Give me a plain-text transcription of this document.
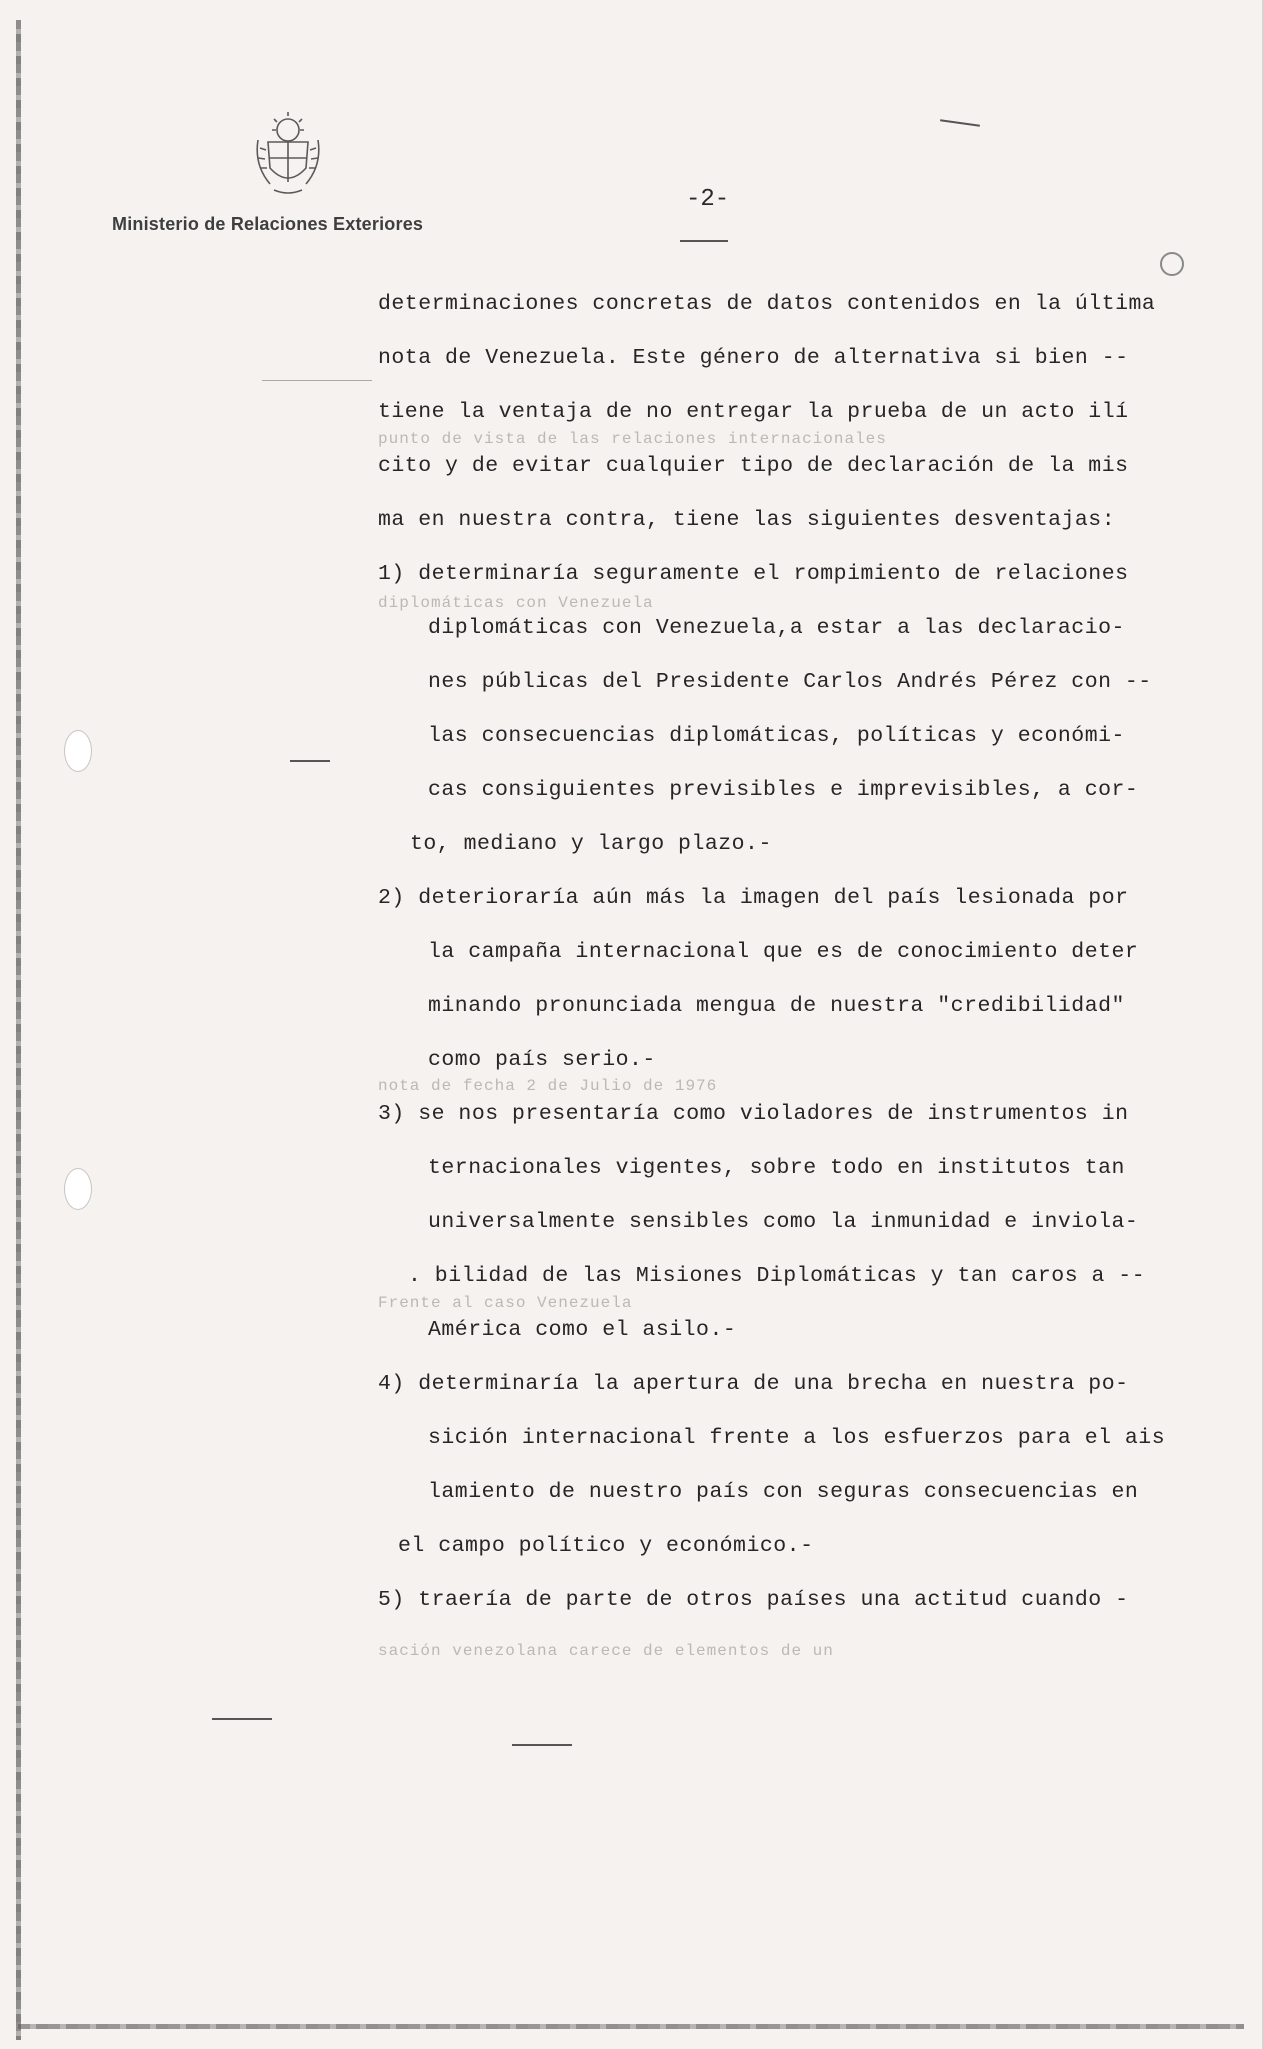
Ministerio de Relaciones Exteriores
-2-
punto de vista de las relaciones internacionales
diplomáticas con Venezuela
nota de fecha 2 de Julio de 1976
Frente al caso Venezuela
sación venezolana carece de elementos de un
determinaciones concretas de datos contenidos en la última
nota de Venezuela. Este género de alternativa si bien --
tiene la ventaja de no entregar la prueba de un acto ilí
cito y de evitar cualquier tipo de declaración de la mis
ma en nuestra contra, tiene las siguientes desventajas:
1) determinaría seguramente el rompimiento de relaciones
diplomáticas con Venezuela,a estar a las declaracio-
nes públicas del Presidente Carlos Andrés Pérez con --
las consecuencias diplomáticas, políticas y económi-
cas consiguientes previsibles e imprevisibles, a cor-
to, mediano y largo plazo.-
2) deterioraría aún más la imagen del país lesionada por
la campaña internacional que es de conocimiento deter
minando pronunciada mengua de nuestra "credibilidad"
como país serio.-
3) se nos presentaría como violadores de instrumentos in
ternacionales vigentes, sobre todo en institutos tan
universalmente sensibles como la inmunidad e inviola-
. bilidad de las Misiones Diplomáticas y tan caros a --
América como el asilo.-
4) determinaría la apertura de una brecha en nuestra po-
sición internacional frente a los esfuerzos para el ais
lamiento de nuestro país con seguras consecuencias en
el campo político y económico.-
5) traería de parte de otros países una actitud cuando -
